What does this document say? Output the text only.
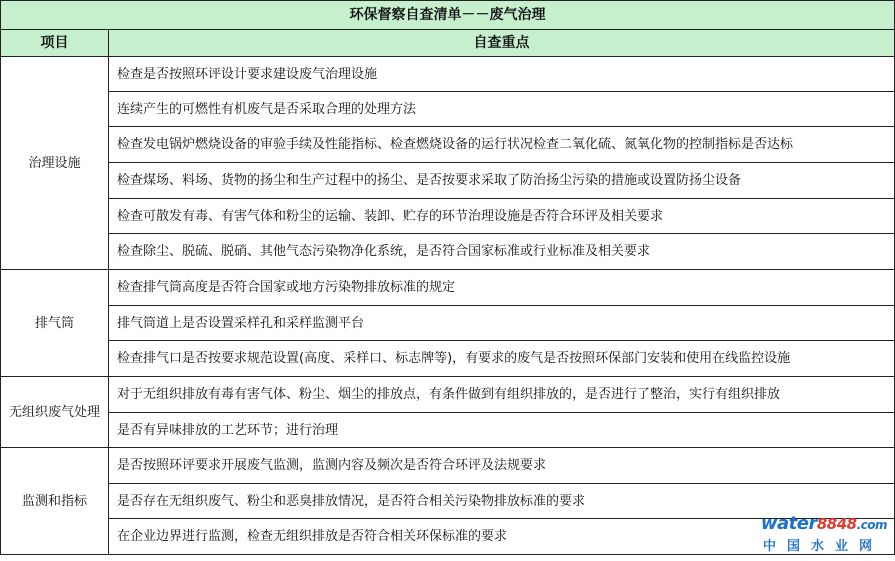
环保督察自查清单－－废气治理	
项目	自查重点
治理设施	检查是否按照环评设计要求建设废气治理设施
	连续产生的可燃性有机废气是否采取合理的处理方法
	检查发电锅炉燃烧设备的审验手续及性能指标、检查燃烧设备的运行状况检查二氧化硫、氮氧化物的控制指标是否达标
	检查煤场、料场、货物的扬尘和生产过程中的扬尘、是否按要求采取了防治扬尘污染的措施或设置防扬尘设备
	检查可散发有毒、有害气体和粉尘的运输、装卸、贮存的环节治理设施是否符合环评及相关要求
	检查除尘、脱硫、脱硝、其他气态污染物净化系统，是否符合国家标准或行业标准及相关要求
排气筒	检查排气筒高度是否符合国家或地方污染物排放标准的规定
	排气筒道上是否设置采样孔和采样监测平台
	检查排气口是否按要求规范设置(高度、采样口、标志牌等)，有要求的废气是否按照环保部门安装和使用在线监控设施
无组织废气处理	对于无组织排放有毒有害气体、粉尘、烟尘的排放点，有条件做到有组织排放的，是否进行了整治，实行有组织排放
	是否有异味排放的工艺环节；进行治理
监测和指标	是否按照环评要求开展废气监测，监测内容及频次是否符合环评及法规要求
	是否存在无组织废气、粉尘和恶臭排放情况，是否符合相关污染物排放标准的要求
	在企业边界进行监测，检查无组织排放是否符合相关环保标准的要求
water8848.com
中国水业网
